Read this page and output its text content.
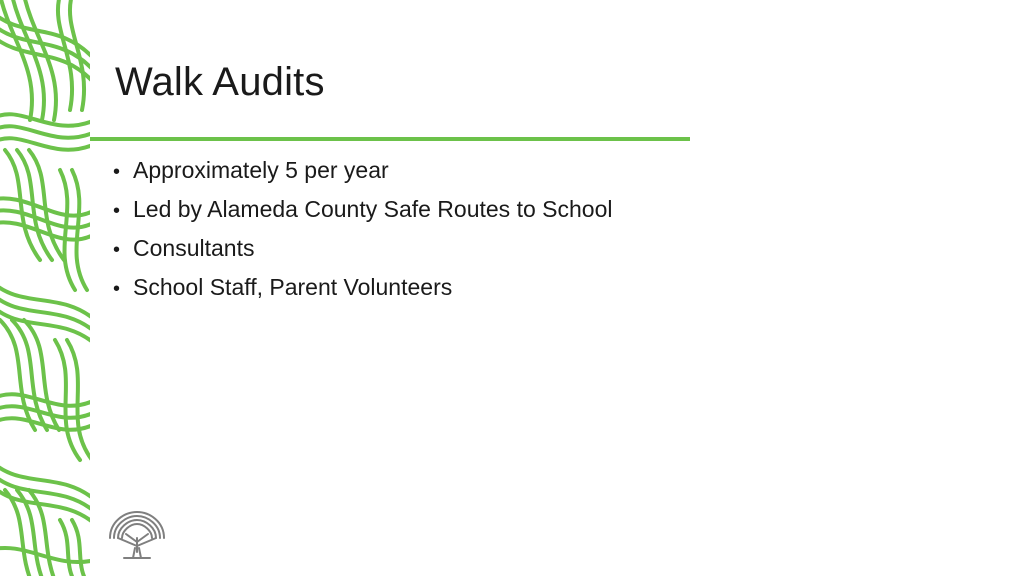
Walk Audits
• Approximately 5 per year
• Led by Alameda County Safe Routes to School
• Consultants
• School Staff, Parent Volunteers
